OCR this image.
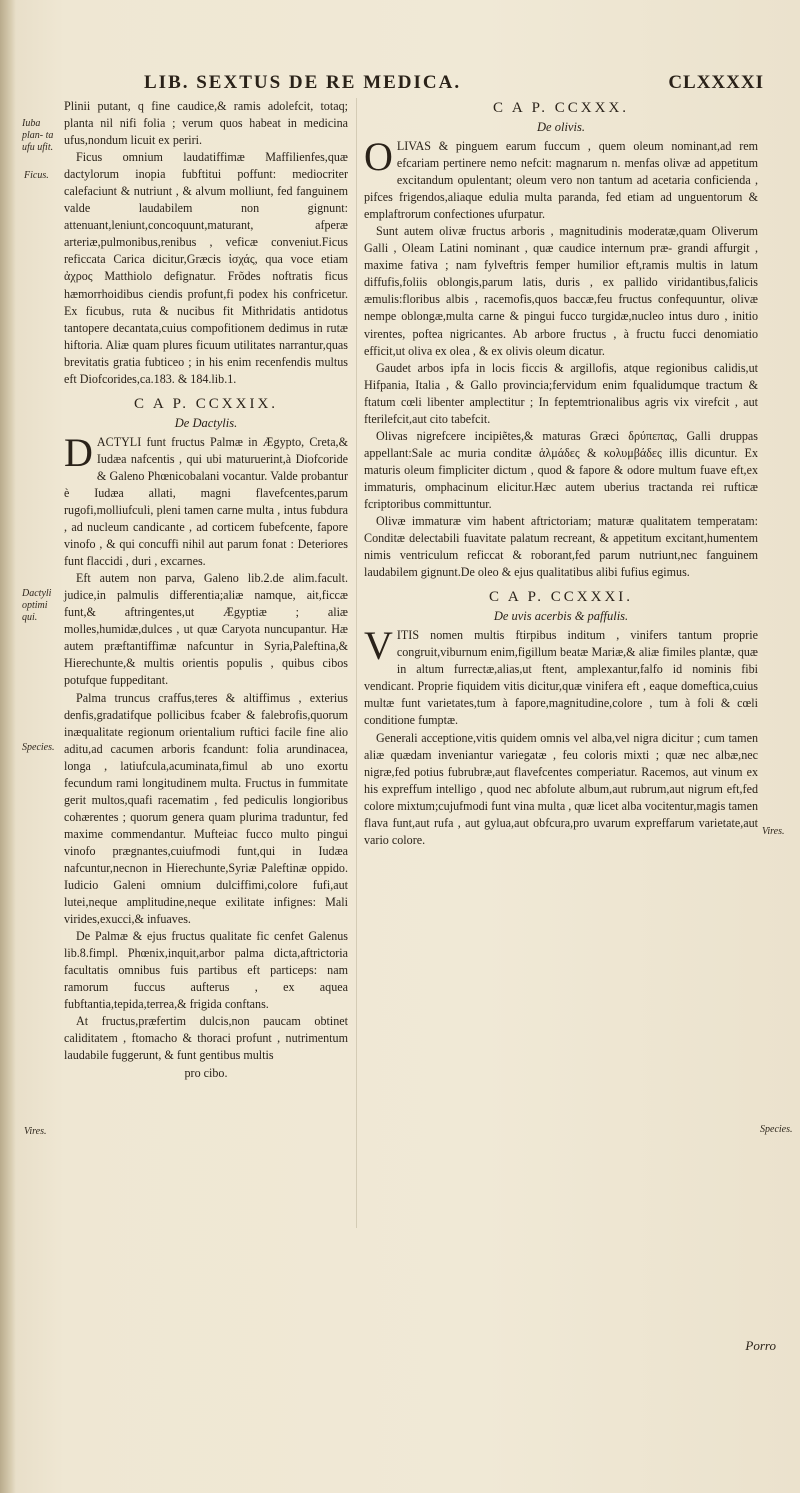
LIB. SEXTUS DE RE MEDICA.	CLXXXXI
Iuba plan- ta ufu ufit.
Ficus.
Dactyli optimi qui.
Species.
Vires.
Vires.
Species.

Plinii putant, q fine caudice,& ramis adolefcit, totaq; planta nil nifi folia ; verum quos habeat in medicina ufus,nondum licuit ex periri.

Ficus omnium laudatiffimæ Maffilienfes,quæ dactylorum inopia fubftitui poffunt: mediocriter calefaciunt & nutriunt , & alvum molliunt, fed fanguinem valde laudabilem non gignunt: attenuant,leniunt,concoquunt,maturant, afperæ arteriæ,pulmonibus,renibus , veficæ conveniut.Ficus reficcata Carica dicitur,Græcis ἰσχάς, qua voce etiam ἀχρος Matthiolo defignatur. Frõdes noftratis ficus hæmorrhoidibus ciendis profunt,fi podex his confricetur. Ex ficubus, ruta & nucibus fit Mithridatis antidotus tantopere decantata,cuius compofitionem dedimus in rutæ hiftoria. Aliæ quam plures ficuum utilitates narrantur,quas brevitatis gratia fubticeo ; in his enim recenfendis multus eft Diofcorides,ca.183. & 184.lib.1.

C A P. CCXXIX.
De Dactylis.

DACTYLI funt fructus Palmæ in Ægypto, Creta,& Iudæa nafcentis , qui ubi maturuerint,à Diofcoride & Galeno Phœnicobalani vocantur. Valde probantur è Iudæa allati, magni flavefcentes,parum rugofi,molliufculi, pleni tamen carne multa , intus fubdura , ad nucleum candicante , ad corticem fubefcente, fapore vinofo , & qui concuffi nihil aut parum fonat : Deteriores funt flaccidi , duri , excarnes.

Eft autem non parva, Galeno lib.2.de alim.facult. judice,in palmulis differentia;aliæ namque, ait,ficcæ funt,& aftringentes,ut Ægyptiæ ; aliæ molles,humidæ,dulces , ut quæ Caryota nuncupantur. Hæ autem præftantiffimæ nafcuntur in Syria,Paleftina,& Hierechunte,& multis orientis populis , quibus cibos potufque fuppeditant.

Palma truncus craffus,teres & altiffimus , exterius denfis,gradatifque pollicibus fcaber & falebrofis,quorum inæqualitate regionum orientalium ruftici facile fine alio aditu,ad cacumen arboris fcandunt: folia arundinacea, longa , latiufcula,acuminata,fimul ab uno exortu fecundum rami longitudinem multa. Fructus in fummitate gerit multos,quafi racematim , fed pediculis longioribus cohærentes ; quorum genera quam plurima traduntur, fed maxime commendantur. Mufteiac fucco multo pingui vinofo prægnantes,cuiufmodi funt,qui in Iudæa nafcuntur,necnon in Hierechunte,Syriæ Paleftinæ oppido. Iudicio Galeni omnium dulciffimi,colore fufi,aut lutei,neque amplitudine,neque exilitate infignes: Mali virides,exucci,& infuaves.

De Palmæ & ejus fructus qualitate fic cenfet Galenus lib.8.fimpl. Phœnix,inquit,arbor palma dicta,aftrictoria facultatis omnibus fuis partibus eft particeps: nam ramorum fuccus aufterus , ex aquea fubftantia,tepida,terrea,& frigida conftans.

At fructus,præfertim dulcis,non paucam obtinet caliditatem , ftomacho & thoraci profunt , nutrimentum laudabile fuggerunt, & funt gentibus multis

pro cibo.

C A P. CCXXX.
De olivis.

OLIVAS & pinguem earum fuccum , quem oleum nominant,ad rem efcariam pertinere nemo nefcit: magnarum n. menfas olivæ ad appetitum excitandum opulentant; oleum vero non tantum ad acetaria conficienda , pifces frigendos,aliaque edulia multa paranda, fed etiam ad unguentorum & emplaftrorum confectiones ufurpatur.

Sunt autem olivæ fructus arboris , magnitudinis moderatæ,quam Oliverum Galli , Oleam Latini nominant , quæ caudice internum præ- grandi affurgit , maxime fativa ; nam fylveftris femper humilior eft,ramis multis in latum diffufis,foliis oblongis,parum latis, duris , ex pallido viridantibus,falicis æmulis:floribus albis , racemofis,quos baccæ,feu fructus confequuntur, olivæ nempe oblongæ,multa carne & pingui fucco turgidæ,nucleo intus duro , initio virentes, poftea nigricantes. Ab arbore fructus , à fructu fucci denomiatio efficit,ut oliva ex olea , & ex olivis oleum dicatur.

Gaudet arbos ipfa in locis ficcis & argillofis, atque regionibus calidis,ut Hifpania, Italia , & Gallo provincia;fervidum enim fqualidumque tractum & ftatum cœli libenter amplectitur ; In feptemtrionalibus agris vix virefcit , aut fterilefcit,aut cito tabefcit.

Olivas nigrefcere incipiẽtes,& maturas Græci δρύπεπας, Galli druppas appellant:Sale ac muria conditæ ἁλμάδες & κολυμβάδες illis dicuntur. Ex maturis oleum fimpliciter dictum , quod & fapore & odore multum fuave eft,ex immaturis, omphacinum elicitur.Hæc autem uberius tractanda rei rufticæ fcriptoribus committuntur.

Olivæ immaturæ vim habent aftrictoriam; maturæ qualitatem temperatam: Conditæ delectabili fuavitate palatum recreant, & appetitum excitant,humentem nimis ventriculum reficcat & roborant,fed parum nutriunt,nec fanguinem laudabilem gignunt.De oleo & ejus qualitatibus alibi fufius egimus.

C A P. CCXXXI.
De uvis acerbis & paffulis.

VITIS nomen multis ftirpibus inditum , vinifers tantum proprie congruit,viburnum enim,figillum beatæ Mariæ,& aliæ fimiles plantæ, quæ in altum furrectæ,alias,ut ftent, amplexantur,falfo id nominis fibi vendicant. Proprie fiquidem vitis dicitur,quæ vinifera eft , eaque domeftica,cuius multæ funt varietates,tum à fapore,magnitudine,colore , tum à foli & cœli conditione fumptæ.

Generali acceptione,vitis quidem omnis vel alba,vel nigra dicitur ; cum tamen aliæ quædam inveniantur variegatæ , feu coloris mixti ; quæ nec albæ,nec nigræ,fed potius fubrubræ,aut flavefcentes comperiatur. Racemos, aut vinum ex his expreffum intelligo , quod nec abfolute album,aut rubrum,aut nigrum eft,fed colore mixtum;cujufmodi funt vina multa , quæ licet alba vocitentur,magis tamen flava funt,aut rufa , aut gylua,aut obfcura,pro uvarum expreffarum varietate,aut vario colore.

Porro
